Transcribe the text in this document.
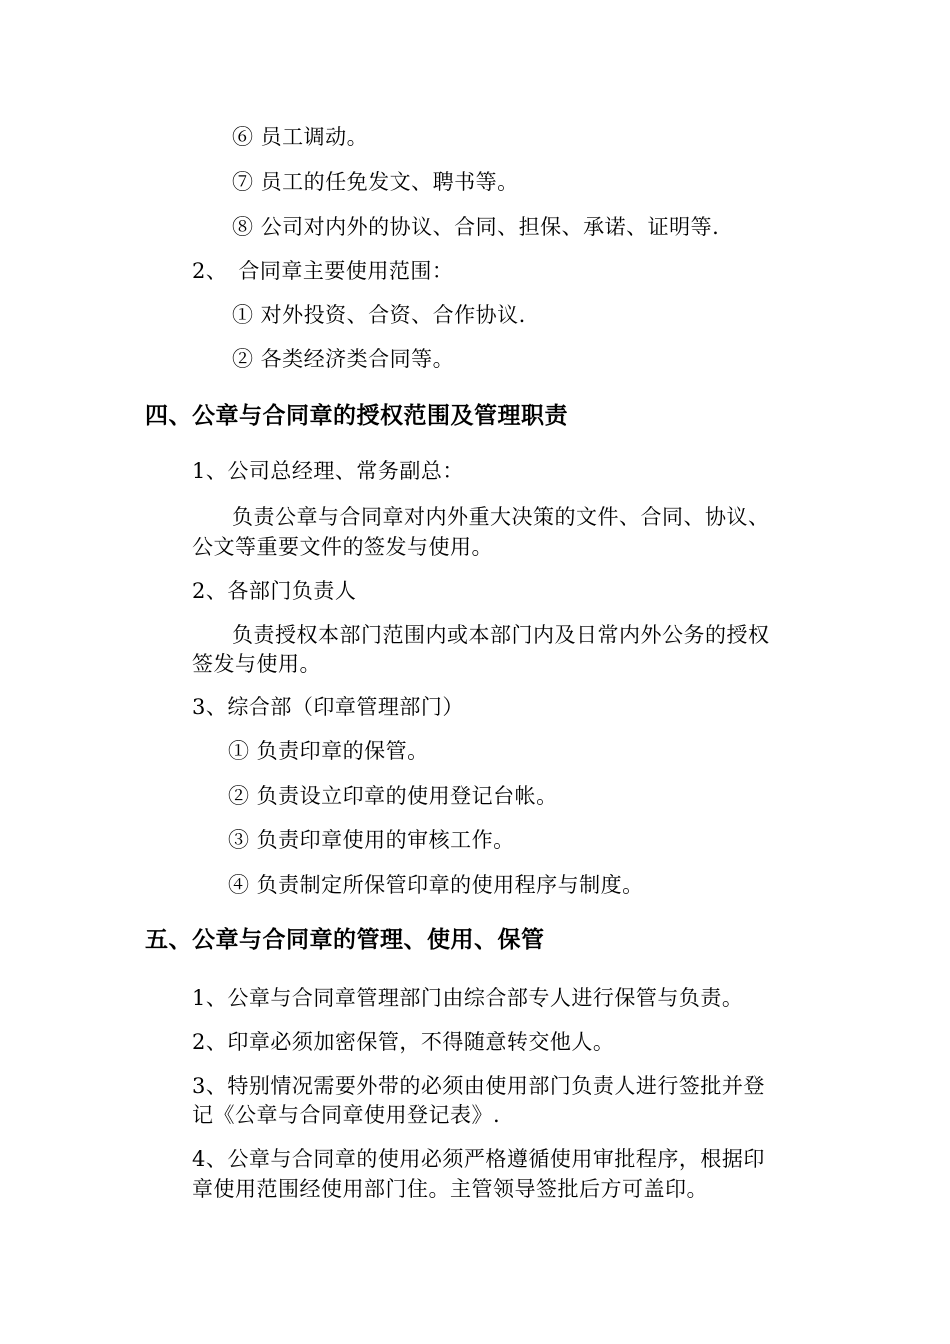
⑥ 员工调动。
⑦ 员工的任免发文、聘书等。
⑧ 公司对内外的协议、合同、担保、承诺、证明等.
2、　合同章主要使用范围：
① 对外投资、合资、合作协议.
② 各类经济类合同等。
四、公章与合同章的授权范围及管理职责
1、公司总经理、常务副总：
负责公章与合同章对内外重大决策的文件、合同、协议、
公文等重要文件的签发与使用。
2、各部门负责人
负责授权本部门范围内或本部门内及日常内外公务的授权
签发与使用。
3、综合部（印章管理部门）
① 负责印章的保管。
② 负责设立印章的使用登记台帐。
③ 负责印章使用的审核工作。
④ 负责制定所保管印章的使用程序与制度。
五、公章与合同章的管理、使用、保管
1、公章与合同章管理部门由综合部专人进行保管与负责。
2、印章必须加密保管，不得随意转交他人。
3、特别情况需要外带的必须由使用部门负责人进行签批并登
记《公章与合同章使用登记表》.
4、公章与合同章的使用必须严格遵循使用审批程序，根据印
章使用范围经使用部门住。主管领导签批后方可盖印。
